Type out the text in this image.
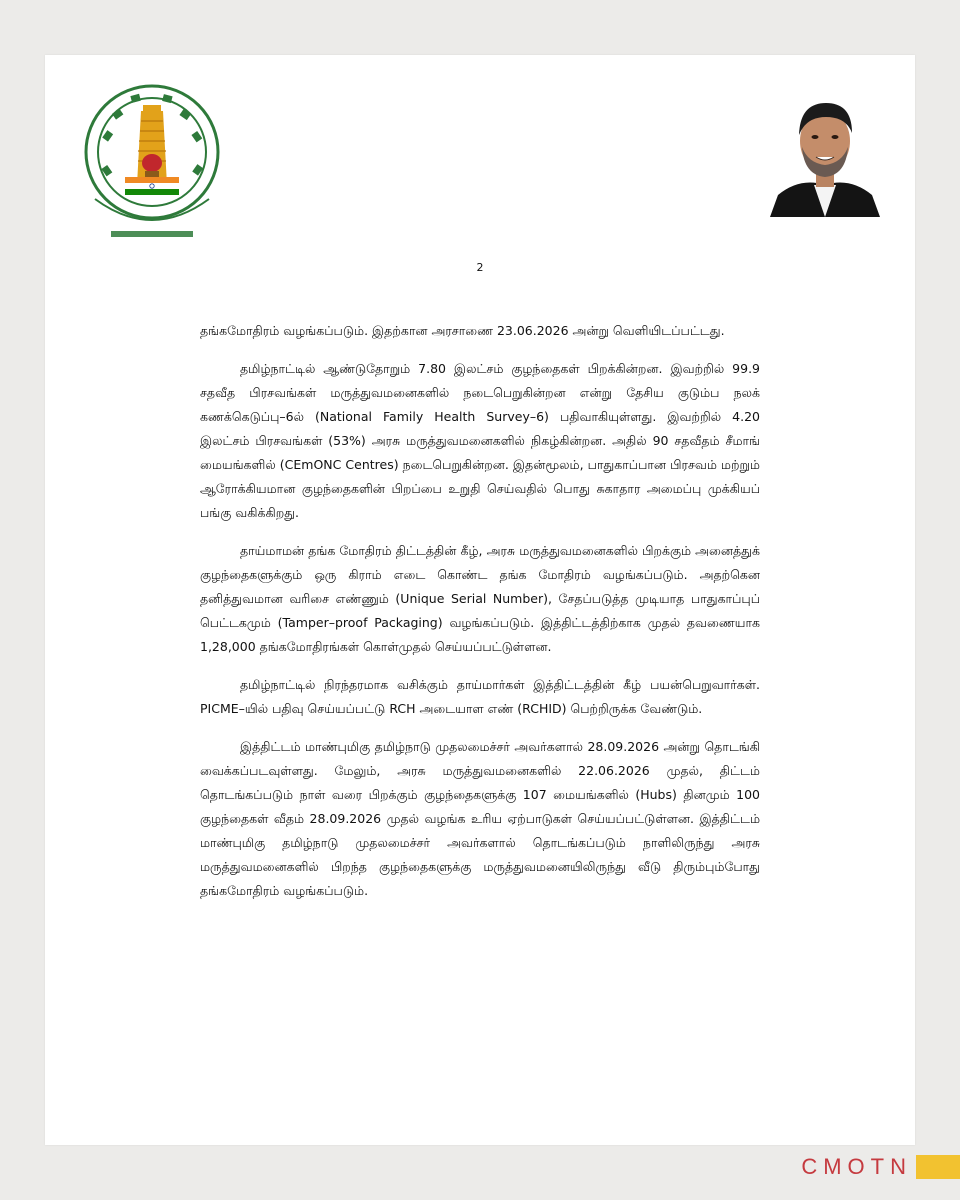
2

தங்கமோதிரம் வழங்கப்படும். இதற்கான அரசாணை 23.06.2026 அன்று வெளியிடப்பட்டது.

தமிழ்நாட்டில் ஆண்டுதோறும் 7.80 இலட்சம் குழந்தைகள் பிறக்கின்றன. இவற்றில் 99.9 சதவீத பிரசவங்கள் மருத்துவமனைகளில் நடைபெறுகின்றன என்று தேசிய குடும்ப நலக் கணக்கெடுப்பு–6ல் (National Family Health Survey–6) பதிவாகியுள்ளது. இவற்றில் 4.20 இலட்சம் பிரசவங்கள் (53%) அரசு மருத்துவமனைகளில் நிகழ்கின்றன. அதில் 90 சதவீதம் சீமாங் மையங்களில் (CEmONC Centres) நடைபெறுகின்றன. இதன்மூலம், பாதுகாப்பான பிரசவம் மற்றும் ஆரோக்கியமான குழந்தைகளின் பிறப்பை உறுதி செய்வதில் பொது சுகாதார அமைப்பு முக்கியப் பங்கு வகிக்கிறது.

தாய்மாமன் தங்க மோதிரம் திட்டத்தின் கீழ், அரசு மருத்துவமனைகளில் பிறக்கும் அனைத்துக் குழந்தைகளுக்கும் ஒரு கிராம் எடை கொண்ட தங்க மோதிரம் வழங்கப்படும். அதற்கென தனித்துவமான வரிசை எண்ணும் (Unique Serial Number), சேதப்படுத்த முடியாத பாதுகாப்புப் பெட்டகமும் (Tamper–proof Packaging) வழங்கப்படும். இத்திட்டத்திற்காக முதல் தவணையாக 1,28,000 தங்கமோதிரங்கள் கொள்முதல் செய்யப்பட்டுள்ளன.

தமிழ்நாட்டில் நிரந்தரமாக வசிக்கும் தாய்மார்கள் இத்திட்டத்தின் கீழ் பயன்பெறுவார்கள். PICME–யில் பதிவு செய்யப்பட்டு RCH அடையாள எண் (RCHID) பெற்றிருக்க வேண்டும்.

இத்திட்டம் மாண்புமிகு தமிழ்நாடு முதலமைச்சர் அவர்களால் 28.09.2026 அன்று தொடங்கி வைக்கப்படவுள்ளது. மேலும், அரசு மருத்துவமனைகளில் 22.06.2026 முதல், திட்டம் தொடங்கப்படும் நாள் வரை பிறக்கும் குழந்தைகளுக்கு 107 மையங்களில் (Hubs) தினமும் 100 குழந்தைகள் வீதம் 28.09.2026 முதல் வழங்க உரிய ஏற்பாடுகள் செய்யப்பட்டுள்ளன. இத்திட்டம் மாண்புமிகு தமிழ்நாடு முதலமைச்சர் அவர்களால் தொடங்கப்படும் நாளிலிருந்து அரசு மருத்துவமனைகளில் பிறந்த குழந்தைகளுக்கு மருத்துவமனையிலிருந்து வீடு திரும்பும்போது தங்கமோதிரம் வழங்கப்படும்.

CMOTN
